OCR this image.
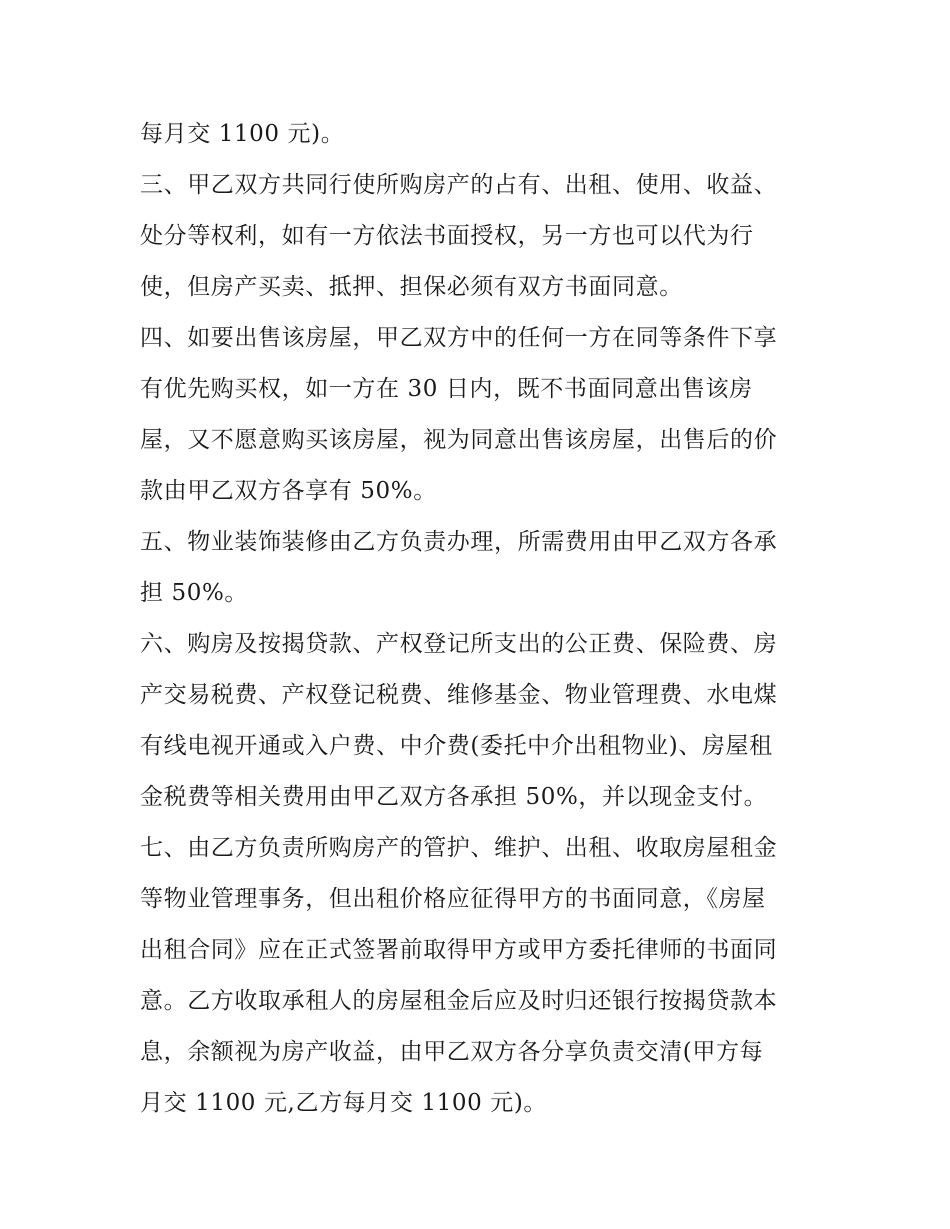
每月交 1100 元)。
三、甲乙双方共同行使所购房产的占有、出租、使用、收益、
处分等权利，如有一方依法书面授权，另一方也可以代为行
使，但房产买卖、抵押、担保必须有双方书面同意。
四、如要出售该房屋，甲乙双方中的任何一方在同等条件下享
有优先购买权，如一方在 30 日内，既不书面同意出售该房
屋，又不愿意购买该房屋，视为同意出售该房屋，出售后的价
款由甲乙双方各享有 50%。
五、物业装饰装修由乙方负责办理，所需费用由甲乙双方各承
担 50%。
六、购房及按揭贷款、产权登记所支出的公正费、保险费、房
产交易税费、产权登记税费、维修基金、物业管理费、水电煤
有线电视开通或入户费、中介费(委托中介出租物业)、房屋租
金税费等相关费用由甲乙双方各承担 50%，并以现金支付。
七、由乙方负责所购房产的管护、维护、出租、收取房屋租金
等物业管理事务，但出租价格应征得甲方的书面同意，《房屋
出租合同》应在正式签署前取得甲方或甲方委托律师的书面同
意。乙方收取承租人的房屋租金后应及时归还银行按揭贷款本
息，余额视为房产收益，由甲乙双方各分享负责交清(甲方每
月交 1100 元,乙方每月交 1100 元)。
